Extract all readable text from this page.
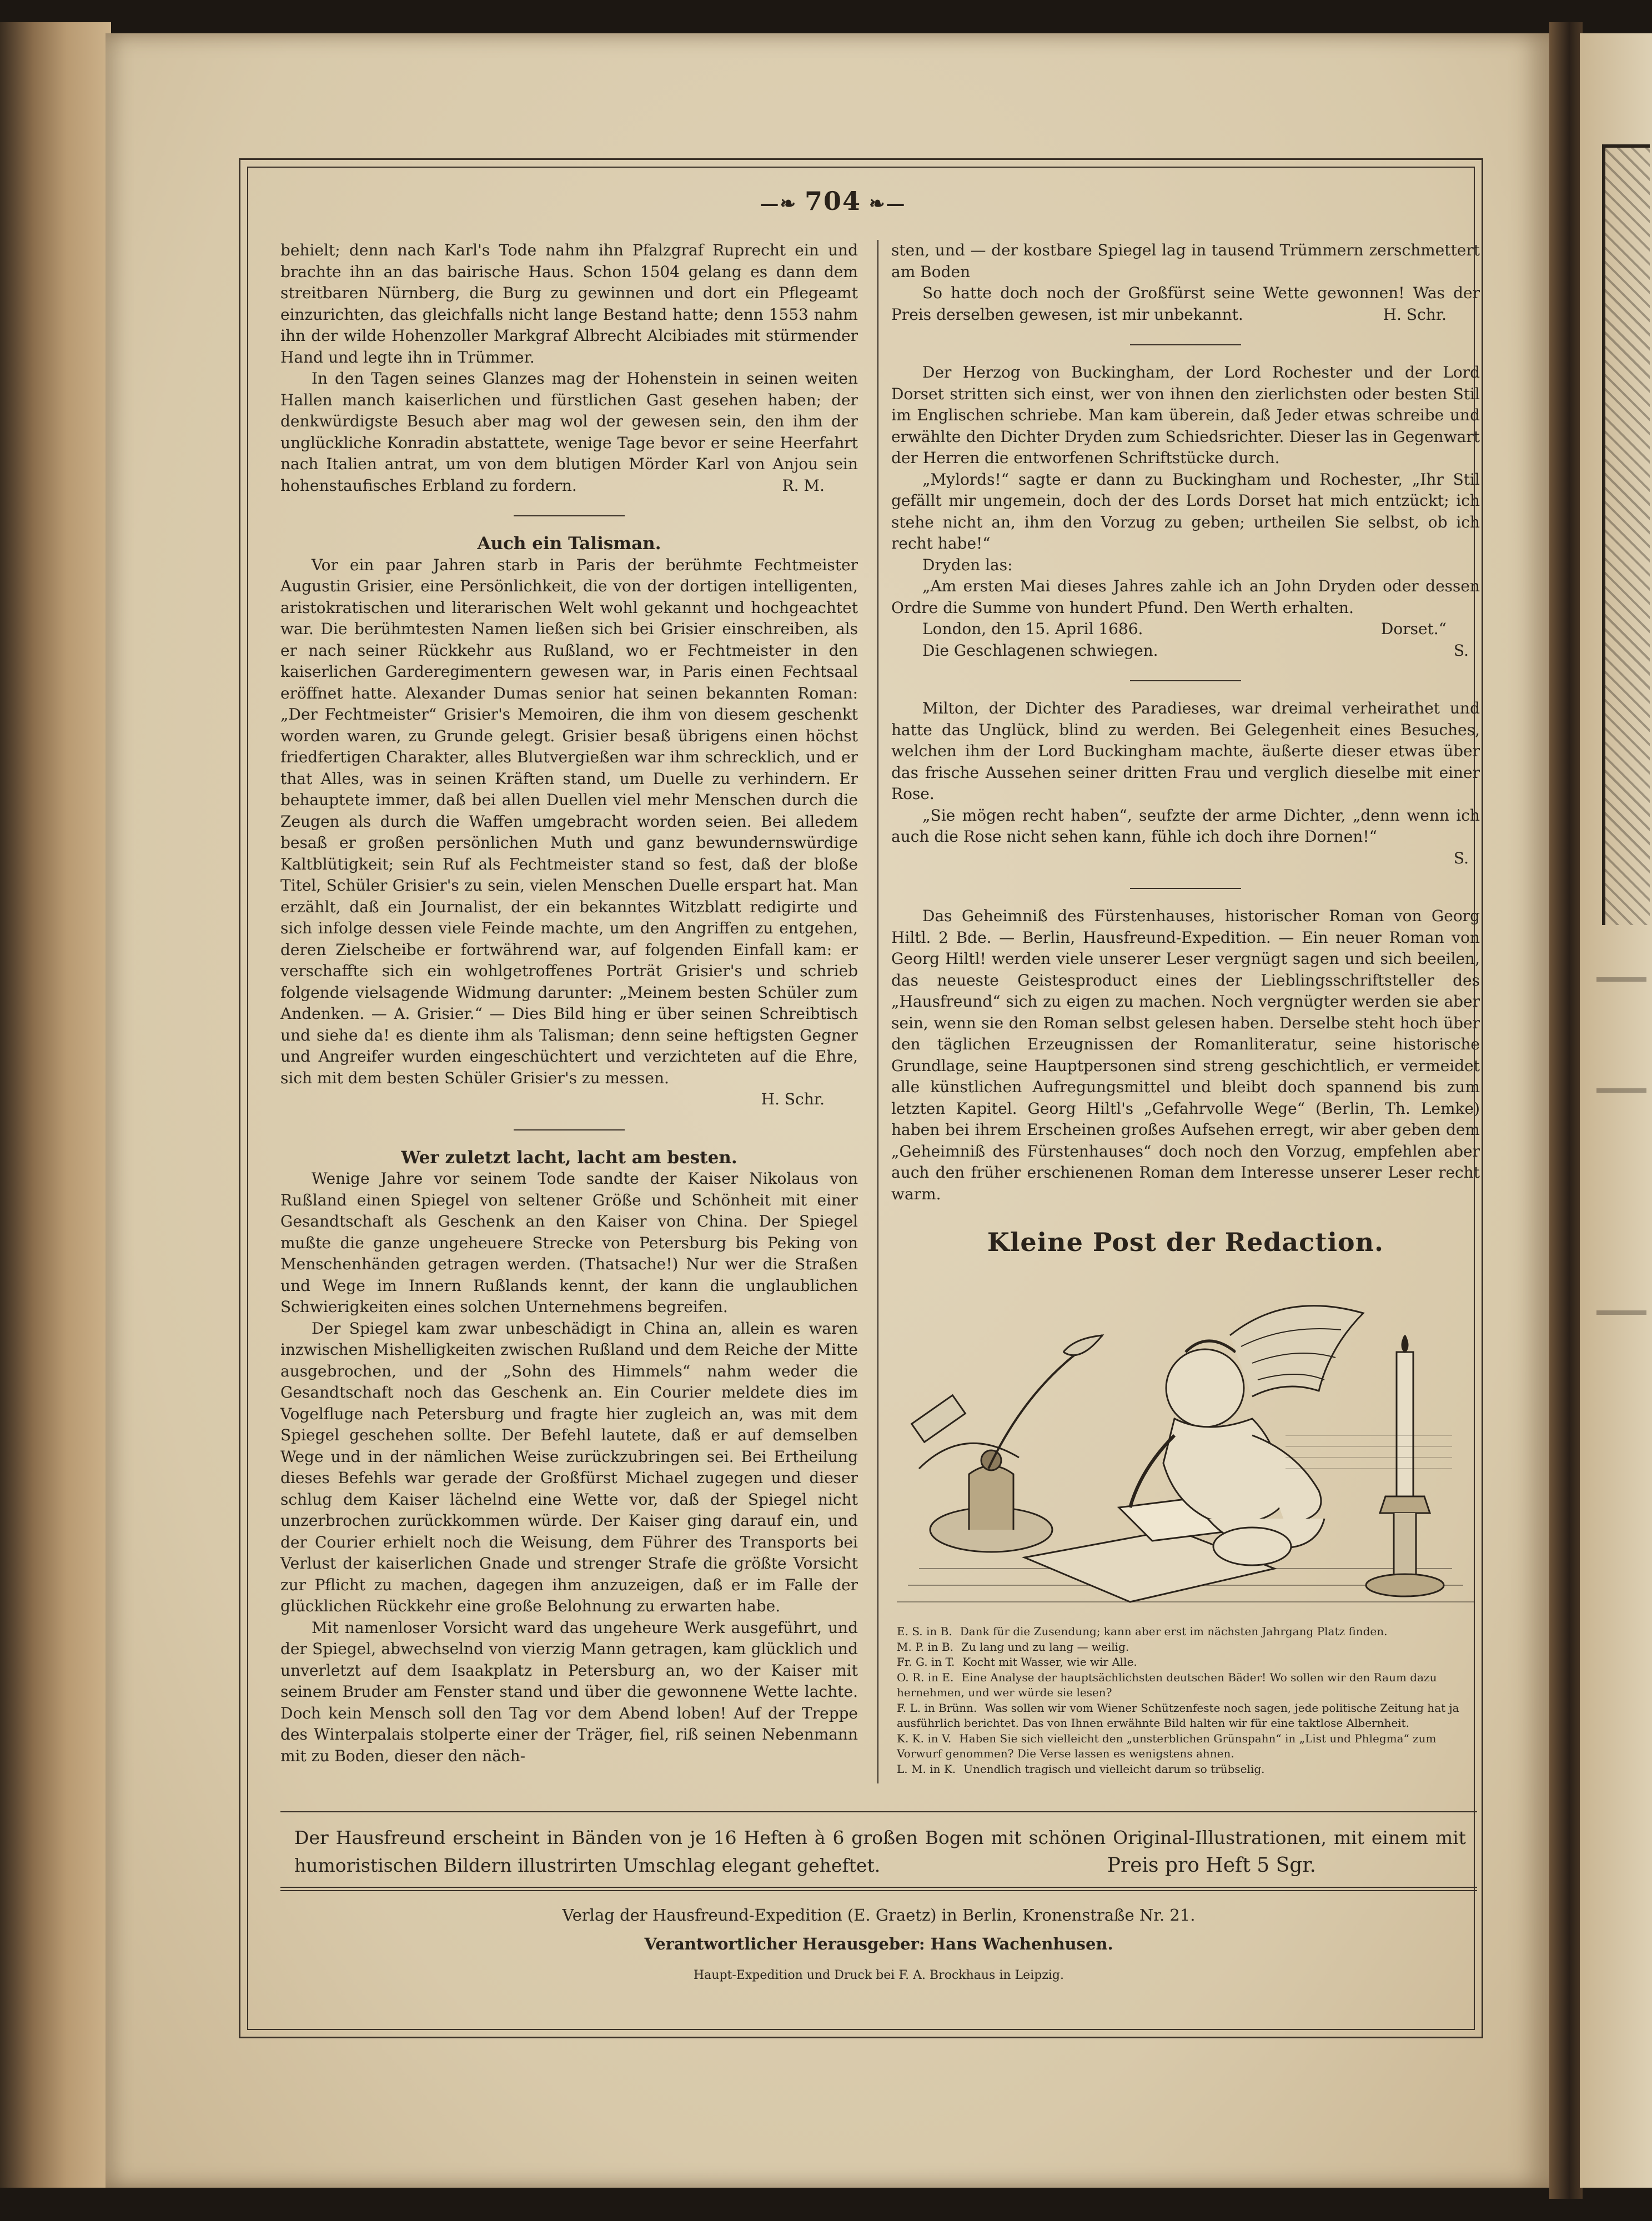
—❧ 704 ❧—

behielt; denn nach Karl's Tode nahm ihn Pfalzgraf Ruprecht ein und brachte ihn an das bairische Haus. Schon 1504 gelang es dann dem streitbaren Nürnberg, die Burg zu gewinnen und dort ein Pflegeamt einzurichten, das gleichfalls nicht lange Bestand hatte; denn 1553 nahm ihn der wilde Hohenzoller Markgraf Albrecht Alcibiades mit stürmender Hand und legte ihn in Trümmer.

In den Tagen seines Glanzes mag der Hohenstein in seinen weiten Hallen manch kaiserlichen und fürstlichen Gast gesehen haben; der denkwürdigste Besuch aber mag wol der gewesen sein, den ihm der unglückliche Konradin abstattete, wenige Tage bevor er seine Heerfahrt nach Italien antrat, um von dem blutigen Mörder Karl von Anjou sein hohenstaufisches Erbland zu fordern.	R. M.

Auch ein Talisman.

Vor ein paar Jahren starb in Paris der berühmte Fechtmeister Augustin Grisier, eine Persönlichkeit, die von der dortigen intelligenten, aristokratischen und literarischen Welt wohl gekannt und hochgeachtet war. Die berühmtesten Namen ließen sich bei Grisier einschreiben, als er nach seiner Rückkehr aus Rußland, wo er Fechtmeister in den kaiserlichen Garderegimentern gewesen war, in Paris einen Fechtsaal eröffnet hatte. Alexander Dumas senior hat seinen bekannten Roman: „Der Fechtmeister“ Grisier's Memoiren, die ihm von diesem geschenkt worden waren, zu Grunde gelegt. Grisier besaß übrigens einen höchst friedfertigen Charakter, alles Blutvergießen war ihm schrecklich, und er that Alles, was in seinen Kräften stand, um Duelle zu verhindern. Er behauptete immer, daß bei allen Duellen viel mehr Menschen durch die Zeugen als durch die Waffen umgebracht worden seien. Bei alledem besaß er großen persönlichen Muth und ganz bewundernswürdige Kaltblütigkeit; sein Ruf als Fechtmeister stand so fest, daß der bloße Titel, Schüler Grisier's zu sein, vielen Menschen Duelle erspart hat. Man erzählt, daß ein Journalist, der ein bekanntes Witzblatt redigirte und sich infolge dessen viele Feinde machte, um den Angriffen zu entgehen, deren Zielscheibe er fortwährend war, auf folgenden Einfall kam: er verschaffte sich ein wohlgetroffenes Porträt Grisier's und schrieb folgende vielsagende Widmung darunter: „Meinem besten Schüler zum Andenken. — A. Grisier.“ — Dies Bild hing er über seinen Schreibtisch und siehe da! es diente ihm als Talisman; denn seine heftigsten Gegner und Angreifer wurden eingeschüchtert und verzichteten auf die Ehre, sich mit dem besten Schüler Grisier's zu messen.

H. Schr.

Wer zuletzt lacht, lacht am besten.

Wenige Jahre vor seinem Tode sandte der Kaiser Nikolaus von Rußland einen Spiegel von seltener Größe und Schönheit mit einer Gesandtschaft als Geschenk an den Kaiser von China. Der Spiegel mußte die ganze ungeheuere Strecke von Petersburg bis Peking von Menschenhänden getragen werden. (Thatsache!) Nur wer die Straßen und Wege im Innern Rußlands kennt, der kann die unglaublichen Schwierigkeiten eines solchen Unternehmens begreifen.

Der Spiegel kam zwar unbeschädigt in China an, allein es waren inzwischen Mishelligkeiten zwischen Rußland und dem Reiche der Mitte ausgebrochen, und der „Sohn des Himmels“ nahm weder die Gesandtschaft noch das Geschenk an. Ein Courier meldete dies im Vogelfluge nach Petersburg und fragte hier zugleich an, was mit dem Spiegel geschehen sollte. Der Befehl lautete, daß er auf demselben Wege und in der nämlichen Weise zurückzubringen sei. Bei Ertheilung dieses Befehls war gerade der Großfürst Michael zugegen und dieser schlug dem Kaiser lächelnd eine Wette vor, daß der Spiegel nicht unzerbrochen zurückkommen würde. Der Kaiser ging darauf ein, und der Courier erhielt noch die Weisung, dem Führer des Transports bei Verlust der kaiserlichen Gnade und strenger Strafe die größte Vorsicht zur Pflicht zu machen, dagegen ihm anzuzeigen, daß er im Falle der glücklichen Rückkehr eine große Belohnung zu erwarten habe.

Mit namenloser Vorsicht ward das ungeheure Werk ausgeführt, und der Spiegel, abwechselnd von vierzig Mann getragen, kam glücklich und unverletzt auf dem Isaakplatz in Petersburg an, wo der Kaiser mit seinem Bruder am Fenster stand und über die gewonnene Wette lachte. Doch kein Mensch soll den Tag vor dem Abend loben! Auf der Treppe des Winterpalais stolperte einer der Träger, fiel, riß seinen Nebenmann mit zu Boden, dieser den näch-

sten, und — der kostbare Spiegel lag in tausend Trümmern zerschmettert am Boden

So hatte doch noch der Großfürst seine Wette gewonnen! Was der Preis derselben gewesen, ist mir unbekannt.	H. Schr.

Der Herzog von Buckingham, der Lord Rochester und der Lord Dorset stritten sich einst, wer von ihnen den zierlichsten oder besten Stil im Englischen schriebe. Man kam überein, daß Jeder etwas schreibe und erwählte den Dichter Dryden zum Schiedsrichter. Dieser las in Gegenwart der Herren die entworfenen Schriftstücke durch.

„Mylords!“ sagte er dann zu Buckingham und Rochester, „Ihr Stil gefällt mir ungemein, doch der des Lords Dorset hat mich entzückt; ich stehe nicht an, ihm den Vorzug zu geben; urtheilen Sie selbst, ob ich recht habe!“

Dryden las:

„Am ersten Mai dieses Jahres zahle ich an John Dryden oder dessen Ordre die Summe von hundert Pfund. Den Werth erhalten.

London, den 15. April 1686.	Dorset.“

Die Geschlagenen schwiegen.	S.

Milton, der Dichter des Paradieses, war dreimal verheirathet und hatte das Unglück, blind zu werden. Bei Gelegenheit eines Besuches, welchen ihm der Lord Buckingham machte, äußerte dieser etwas über das frische Aussehen seiner dritten Frau und verglich dieselbe mit einer Rose.

„Sie mögen recht haben“, seufzte der arme Dichter, „denn wenn ich auch die Rose nicht sehen kann, fühle ich doch ihre Dornen!“

S.

Das Geheimniß des Fürstenhauses, historischer Roman von Georg Hiltl. 2 Bde. — Berlin, Hausfreund-Expedition. — Ein neuer Roman von Georg Hiltl! werden viele unserer Leser vergnügt sagen und sich beeilen, das neueste Geistesproduct eines der Lieblingsschriftsteller des „Hausfreund“ sich zu eigen zu machen. Noch vergnügter werden sie aber sein, wenn sie den Roman selbst gelesen haben. Derselbe steht hoch über den täglichen Erzeugnissen der Romanliteratur, seine historische Grundlage, seine Hauptpersonen sind streng geschichtlich, er vermeidet alle künstlichen Aufregungsmittel und bleibt doch spannend bis zum letzten Kapitel. Georg Hiltl's „Gefahrvolle Wege“ (Berlin, Th. Lemke) haben bei ihrem Erscheinen großes Aufsehen erregt, wir aber geben dem „Geheimniß des Fürstenhauses“ doch noch den Vorzug, empfehlen aber auch den früher erschienenen Roman dem Interesse unserer Leser recht warm.

Kleine Post der Redaction.
E. S. in B. Dank für die Zusendung; kann aber erst im nächsten Jahrgang Platz finden.
M. P. in B. Zu lang und zu lang — weilig.
Fr. G. in T. Kocht mit Wasser, wie wir Alle.
O. R. in E. Eine Analyse der hauptsächlichsten deutschen Bäder! Wo sollen wir den Raum dazu hernehmen, und wer würde sie lesen?
F. L. in Brünn. Was sollen wir vom Wiener Schützenfeste noch sagen, jede politische Zeitung hat ja ausführlich berichtet. Das von Ihnen erwähnte Bild halten wir für eine taktlose Albernheit.
K. K. in V. Haben Sie sich vielleicht den „unsterblichen Grünspahn“ in „List und Phlegma“ zum Vorwurf genommen? Die Verse lassen es wenigstens ahnen.
L. M. in K. Unendlich tragisch und vielleicht darum so trübselig.
Der Hausfreund erscheint in Bänden von je 16 Heften à 6 großen Bogen mit schönen Original-Illustrationen, mit einem mit humoristischen Bildern illustrirten Umschlag elegant geheftet.	Preis pro Heft 5 Sgr.
Verlag der Hausfreund-Expedition (E. Graetz) in Berlin, Kronenstraße Nr. 21.
Verantwortlicher Herausgeber: Hans Wachenhusen.
Haupt-Expedition und Druck bei F. A. Brockhaus in Leipzig.
